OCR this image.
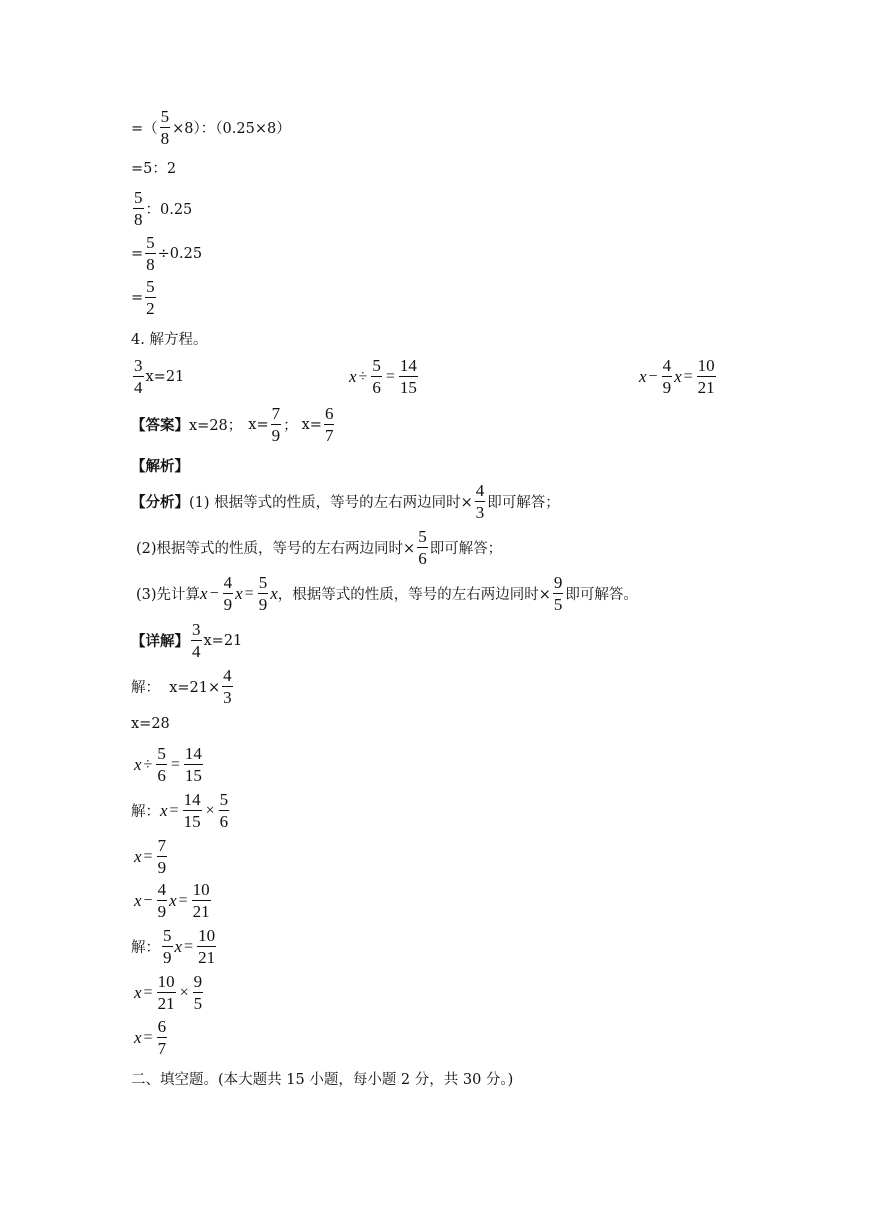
=（ $\frac{5}{8} \times 8$）：（0.25×8）
=5：2
$\frac{5}{8}$ ：0.25
= $\frac{5}{8} \div 0.25$
= $\frac{5}{2}$
4. 解方程。
$\frac{3}{4} x=21$	$x \div \frac{5}{6} = \frac{14}{15}$	$x - \frac{4}{9}$ $x = \frac{10}{21}$
【答案】 x=28； $x= \frac{7}{9}$ ； $x= \frac{6}{7}$
【解析】
【分析】 (1) 根据等式的性质，等号的左右两边同时× $\frac{4}{3}$ 即可解答；
(2)根据等式的性质，等号的左右两边同时× $\frac{5}{6}$ 即可解答；
(3)先计算 $x - \frac{4}{9}$ $x = \frac{5}{9}$ x ，根据等式的性质，等号的左右两边同时× $\frac{9}{5}$ 即可解答。
【详解】 $\frac{3}{4} x=21$
解：  $x=21\times \frac{4}{3}$
x=28
$x \div \frac{5}{6} = \frac{14}{15}$
解： $x = \frac{14}{15} \times \frac{5}{6}$
$x = \frac{7}{9}$
$x - \frac{4}{9}$ $x = \frac{10}{21}$
解： $\frac{5}{9}$ $x = \frac{10}{21}$
$x = \frac{10}{21} \times \frac{9}{5}$
$x = \frac{6}{7}$
二、填空题。(本大题共 15 小题，每小题 2 分，共 30 分。)
